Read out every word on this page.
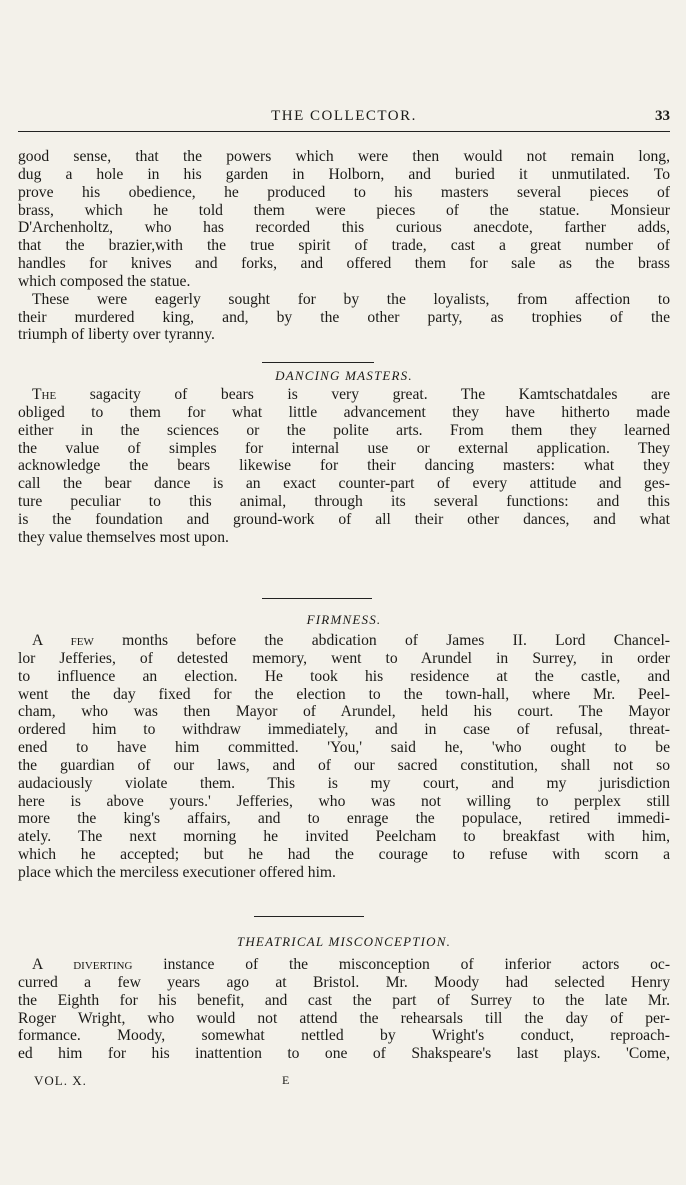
THE COLLECTOR.	33
good sense, that the powers which were then would not remain long,
dug a hole in his garden in Holborn, and buried it unmutilated. To
prove his obedience, he produced to his masters several pieces of
brass, which he told them were pieces of the statue. Monsieur
D'Archenholtz, who has recorded this curious anecdote, farther adds,
that the brazier,with the true spirit of trade, cast a great number of
handles for knives and forks, and offered them for sale as the brass
which composed the statue.
These were eagerly sought for by the loyalists, from affection to
their murdered king, and, by the other party, as trophies of the
triumph of liberty over tyranny.
DANCING MASTERS.
The sagacity of bears is very great. The Kamtschatdales are
obliged to them for what little advancement they have hitherto made
either in the sciences or the polite arts. From them they learned
the value of simples for internal use or external application. They
acknowledge the bears likewise for their dancing masters: what they
call the bear dance is an exact counter-part of every attitude and ges-
ture peculiar to this animal, through its several functions: and this
is the foundation and ground-work of all their other dances, and what
they value themselves most upon.
FIRMNESS.
A few months before the abdication of James II. Lord Chancel-
lor Jefferies, of detested memory, went to Arundel in Surrey, in order
to influence an election. He took his residence at the castle, and
went the day fixed for the election to the town-hall, where Mr. Peel-
cham, who was then Mayor of Arundel, held his court. The Mayor
ordered him to withdraw immediately, and in case of refusal, threat-
ened to have him committed. 'You,' said he, 'who ought to be
the guardian of our laws, and of our sacred constitution, shall not so
audaciously violate them. This is my court, and my jurisdiction
here is above yours.' Jefferies, who was not willing to perplex still
more the king's affairs, and to enrage the populace, retired immedi-
ately. The next morning he invited Peelcham to breakfast with him,
which he accepted; but he had the courage to refuse with scorn a
place which the merciless executioner offered him.
THEATRICAL MISCONCEPTION.
A diverting instance of the misconception of inferior actors oc-
curred a few years ago at Bristol. Mr. Moody had selected Henry
the Eighth for his benefit, and cast the part of Surrey to the late Mr.
Roger Wright, who would not attend the rehearsals till the day of per-
formance. Moody, somewhat nettled by Wright's conduct, reproach-
ed him for his inattention to one of Shakspeare's last plays. 'Come,
VOL. X.	E
